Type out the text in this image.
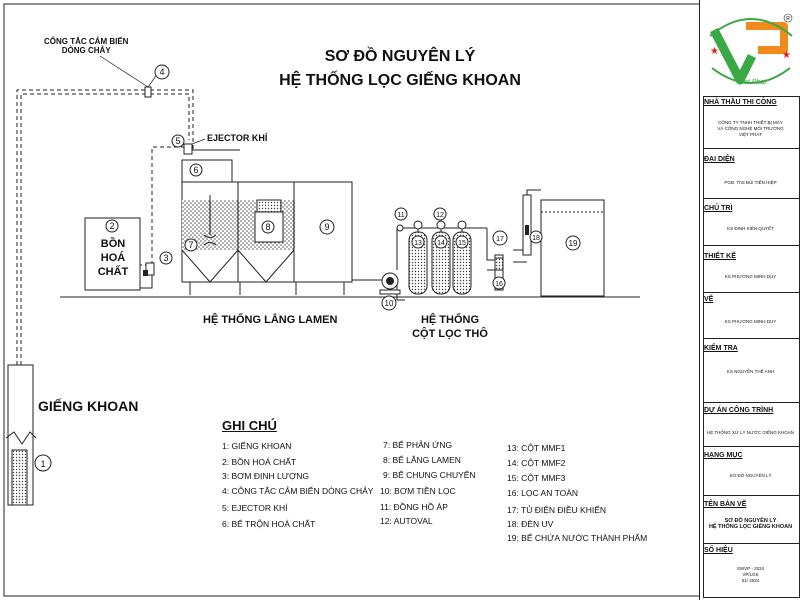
1
2
3
4
5
6
7
8	9
10
11	12
13 14 15
16
17	18
19
SƠ ĐỒ NGUYÊN LÝ
HỆ THỐNG LỌC GIẾNG KHOAN
CÔNG TẮC CẢM BIẾN
DÒNG CHẢY
EJECTOR KHÍ
BỒN
HOÁ
CHẤT
HỆ THỐNG LẮNG LAMEN	HỆ THỐNG
CỘT LỌC THÔ
GIẾNG KHOAN
GHI CHÚ
1: GIẾNG KHOAN
2: BỒN HOÁ CHẤT
3: BƠM ĐỊNH LƯỢNG
4: CÔNG TẮC CẢM BIẾN DÒNG CHẢY
5: EJECTOR KHÍ
6: BỂ TRỘN HOÁ CHẤT
7: BỂ PHẢN ỨNG
8: BỂ LẮNG LAMEN
9: BỂ CHUNG CHUYỂN
10: BƠM TIỀN LỌC
11: ĐỒNG HỒ ÁP
12: AUTOVAL
13: CỘT MMF1
14: CỘT MMF2
15: CỘT MMF3
16: LỌC AN TOÀN
17: TỦ ĐIỆN ĐIỀU KHIỂN
18: ĐÈN UV
19: BỂ CHỨA NƯỚC THÀNH PHẨM
★	★
R
Viet Phat
NHÀ THẦU THI CÔNG
CÔNG TY TNHH THIẾT BỊ MÁY
VÀ CÔNG NGHỆ MÔI TRƯỜNG
VIỆT PHÁT
ĐẠI DIỆN
PGĐ: ThS BÙI TIẾN HIỆP
CHỦ TRÌ
KS ĐINH KIÊN QUYẾT
THIẾT KẾ
KS PHƯƠNG MINH DUY
VẼ
KS PHƯƠNG MINH DUY
KIỂM TRA
KS NGUYỄN THẾ ANH
DỰ ÁN CÔNG TRÌNH
HỆ THỐNG XỬ LÝ NƯỚC GIẾNG KHOAN
HẠNG MỤC
SƠ ĐỒ NGUYÊN LÝ
TÊN BẢN VẼ
SƠ ĐỒ NGUYÊN LÝ
HỆ THỐNG LỌC GIẾNG KHOAN
SỐ HIỆU
SWVP - 2024
VP/LGK
01/ 2024
